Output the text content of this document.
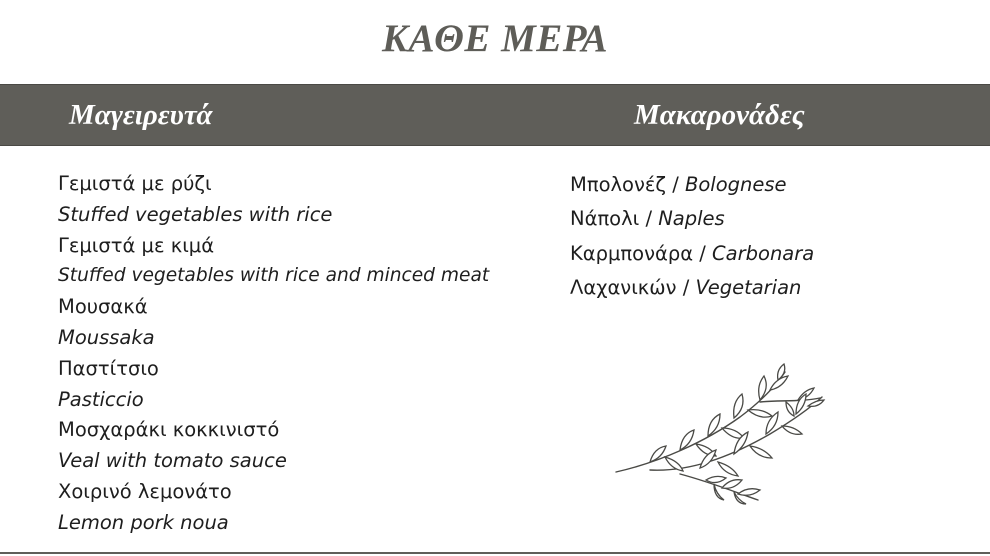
ΚΑΘΕ ΜΕΡΑ
Μαγειρευτά	Μακαρονάδες
Γεμιστά με ρύζι
Stuffed vegetables with rice
Γεμιστά με κιμά
Stuffed vegetables with rice and minced meat
Μουσακά
Moussaka
Παστίτσιο
Pasticcio
Μοσχαράκι κοκκινιστό
Veal with tomato sauce
Χοιρινό λεμονάτο
Lemon pork noua
Μπολονέζ / Bolognese
Νάπολι / Naples
Καρμπονάρα / Carbonara
Λαχανικών / Vegetarian
